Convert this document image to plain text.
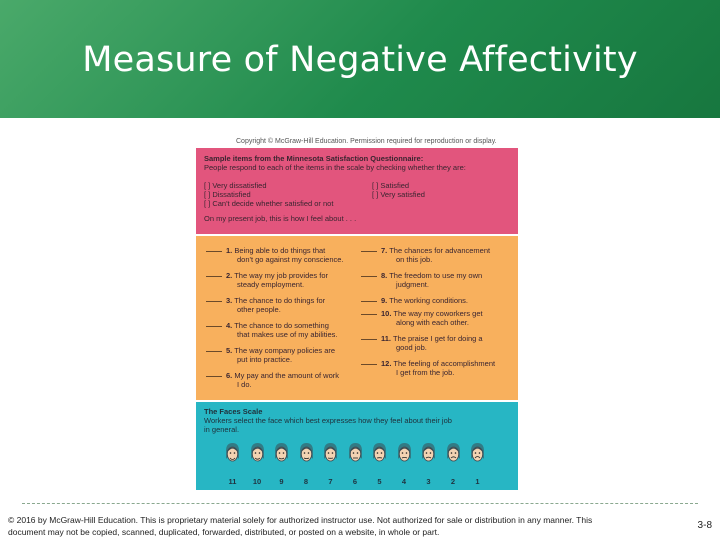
Measure of Negative Affectivity
Copyright © McGraw-Hill Education. Permission required for reproduction or display.
Sample items from the Minnesota Satisfaction Questionnaire:
People respond to each of the items in the scale by checking whether they are:
[ ] Very dissatisfied
[ ] Dissatisfied
[ ] Can't decide whether satisfied or not
[ ] Satisfied
[ ] Very satisfied
On my present job, this is how I feel about . . .
1. Being able to do things that
don't go against my conscience.
2. The way my job provides for
steady employment.
3. The chance to do things for
other people.
4. The chance to do something
that makes use of my abilities.
5. The way company policies are
put into practice.
6. My pay and the amount of work
I do.
7. The chances for advancement
on this job.
8. The freedom to use my own
judgment.
9. The working conditions.
10. The way my coworkers get
along with each other.
11. The praise I get for doing a
good job.
12. The feeling of accomplishment
I get from the job.
The Faces Scale
Workers select the face which best expresses how they feel about their job
in general.
11	10	9	8	7	6	5	4	3	2	1
© 2016 by McGraw-Hill Education. This is proprietary material solely for authorized instructor use. Not authorized for sale or distribution in any manner. This document may not be copied, scanned, duplicated, forwarded, distributed, or posted on a website, in whole or part.
3-8
